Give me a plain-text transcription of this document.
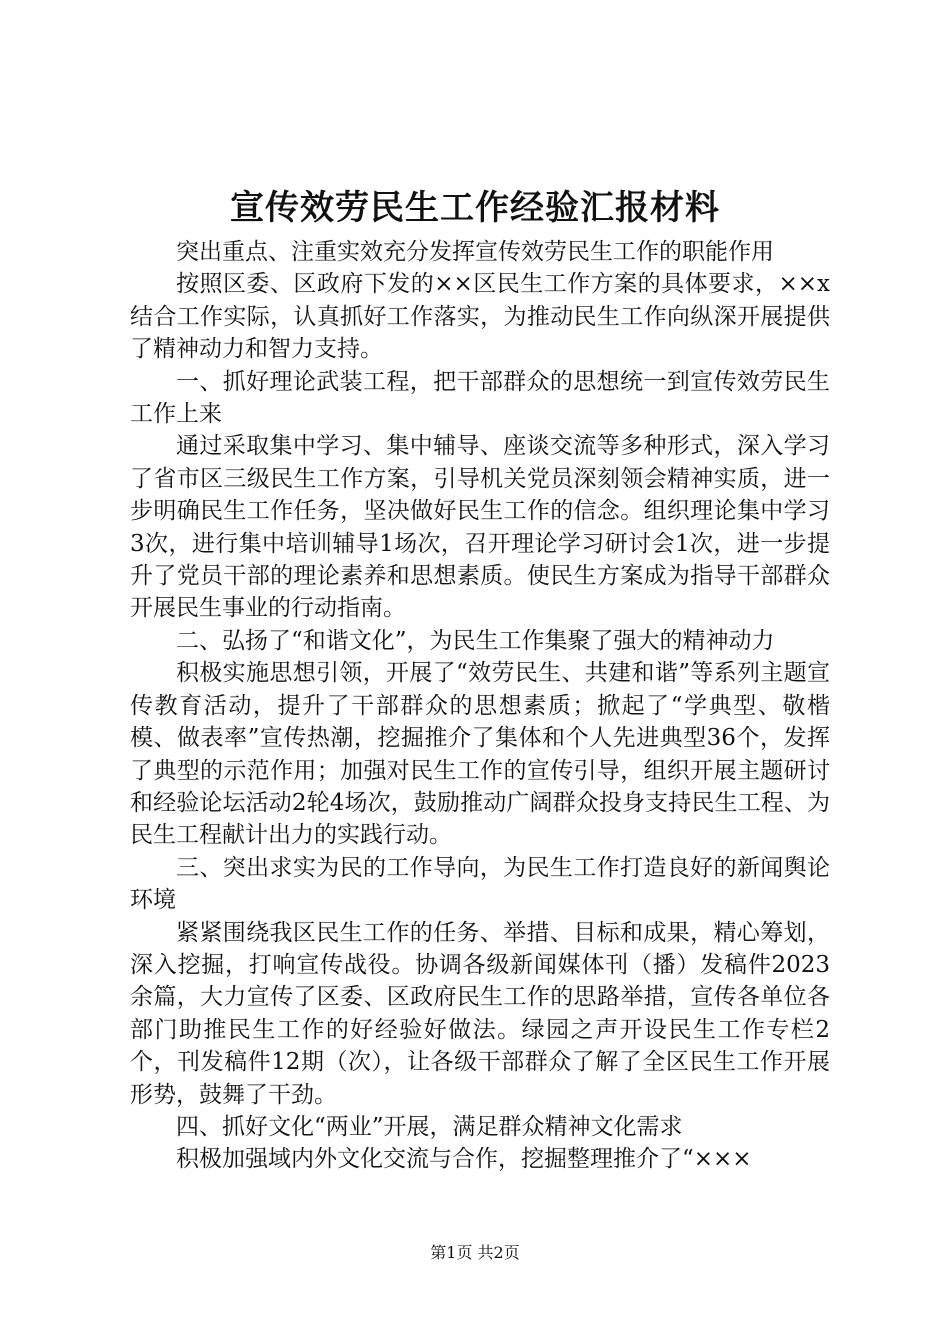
宣传效劳民生工作经验汇报材料

突出重点、注重实效充分发挥宣传效劳民生工作的职能作用

按照区委、区政府下发的××区民生工作方案的具体要求，××x结合工作实际，认真抓好工作落实，为推动民生工作向纵深开展提供了精神动力和智力支持。

一、抓好理论武装工程，把干部群众的思想统一到宣传效劳民生工作上来

通过采取集中学习、集中辅导、座谈交流等多种形式，深入学习了省市区三级民生工作方案，引导机关党员深刻领会精神实质，进一步明确民生工作任务，坚决做好民生工作的信念。组织理论集中学习3次，进行集中培训辅导1场次，召开理论学习研讨会1次，进一步提升了党员干部的理论素养和思想素质。使民生方案成为指导干部群众开展民生事业的行动指南。

二、弘扬了“和谐文化”，为民生工作集聚了强大的精神动力

积极实施思想引领，开展了“效劳民生、共建和谐”等系列主题宣传教育活动，提升了干部群众的思想素质；掀起了“学典型、敬楷模、做表率”宣传热潮，挖掘推介了集体和个人先进典型36个，发挥了典型的示范作用；加强对民生工作的宣传引导，组织开展主题研讨和经验论坛活动2轮4场次，鼓励推动广阔群众投身支持民生工程、为民生工程献计出力的实践行动。

三、突出求实为民的工作导向，为民生工作打造良好的新闻舆论环境

紧紧围绕我区民生工作的任务、举措、目标和成果，精心筹划，深入挖掘，打响宣传战役。协调各级新闻媒体刊（播）发稿件2023余篇，大力宣传了区委、区政府民生工作的思路举措，宣传各单位各部门助推民生工作的好经验好做法。绿园之声开设民生工作专栏2个，刊发稿件12期（次），让各级干部群众了解了全区民生工作开展形势，鼓舞了干劲。

四、抓好文化“两业”开展，满足群众精神文化需求

积极加强域内外文化交流与合作，挖掘整理推介了“×××

第1页 共2页
